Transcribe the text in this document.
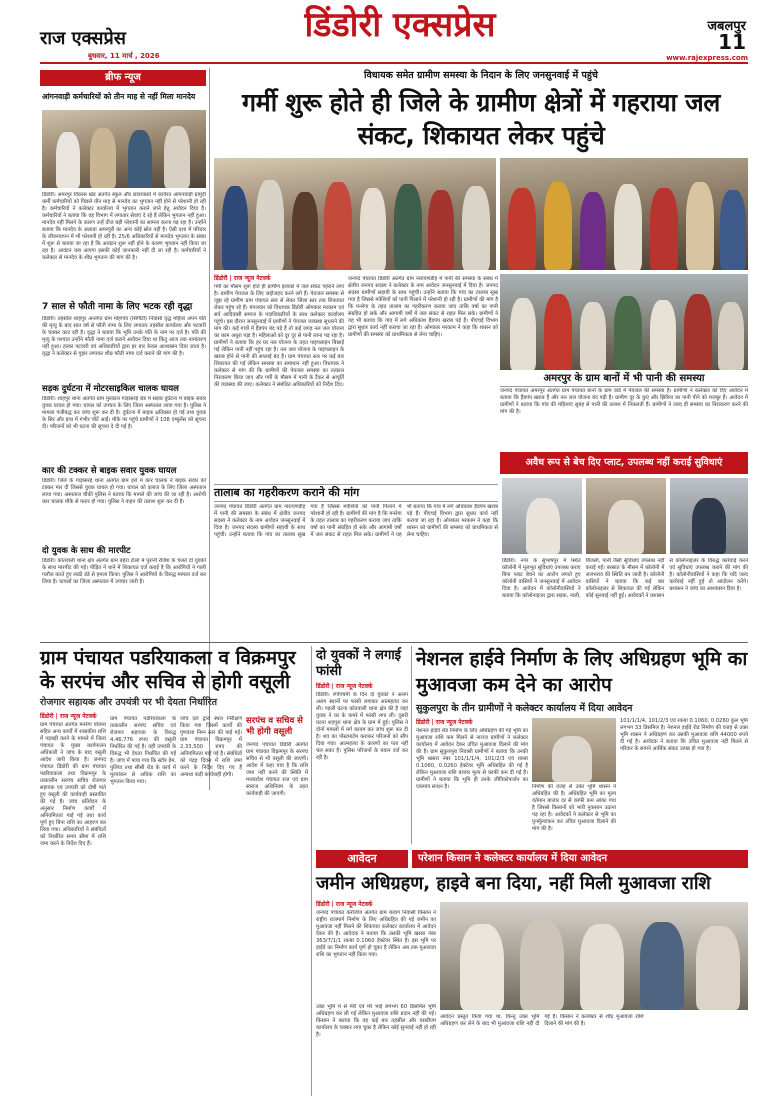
राज एक्सप्रेस
बुधवार, 11 मार्च , 2026
डिंडोरी एक्सप्रेस	जबलपुर
11
www.rajexpress.com
ब्रीफ न्यूज
आंगनवाड़ी कर्मचारियों को तीन माह से नहीं मिला मानदेय
डिंडोरी। अमरपुर विकास खंड अंतर्गत स्कूल और छात्रावासों में कार्यरत आंगनवाड़ी ग्रामुर्दी कर्मी कर्मचारियों को पिछले तीन माह से मानदेय का भुगतान नहीं होने से परेशानी हो रही है। कर्मचारियों ने कलेक्टर कार्यालय में भुगतान कराने जाने हेतु आवेदन दिया है। कर्मचारियों ने बताया कि वह विभाग में लगातार सेवाएं दे रहे हैं लेकिन भुगतान नहीं हुआ। मानदेय नहीं मिलने के कारण उन्हें तीज बड़ी परेशानी का सामना करना पड़ रहा है। उन्होंने बताया कि मानदेय के अलावा अमरपुरी का अन्य कोई स्रोत नहीं है। ऐसी दशा में परिवार के जीवनयापन में भी परेशानी हो रही है। 25/6 अधिकारियों से मानदेय भुगतान के संबंध में शुरू से बताया जा रहा है कि आवंटन शुरू नहीं होने के कारण भुगतान नहीं किया जा रहा है। आवंटन कब आएगा इसकी कोई जानकारी नहीं दी जा रही है। कर्मचारियों ने कलेक्टर से मानदेय के शीघ्र भुगतान की मांग की है।
7 साल से फौती नामा के लिए भटक रही वृद्धा
डिंडोरी। तहसील शाहपुर अन्तर्गत ग्राम मोहगांव (सिंगौटी) निवासी वृद्ध महिला अपने पति की मृत्यु के बाद सात वर्ष से फौती नामा के लिए लगातार तहसील कार्यालय और पटवारी के चक्कर काट रही है। वृद्धा ने बताया कि भूमि उनके पति के नाम पर दर्ज है। पति की मृत्यु के पश्चात उन्होंने फौती नामा दर्ज कराने आवेदन दिया था किंतु आज तक नामांतरण नहीं हुआ। हल्का पटवारी एवं अधिकारियों द्वारा हर बार केवल आश्वासन दिया जाता है। वृद्धा ने कलेक्टर से गुहार लगाकर शीघ्र फौती नामा दर्ज कराने की मांग की है।
सड़क दुर्घटना में मोटरसाइकिल चालक घायल
डिंडोरी। शाहपुर थाना अंतर्गत ग्राम मुरकाल गाड़ासरई रोड में सड़क दुर्घटना में बाइक सवार युवक घायल हो गया। घायल को उपचार के लिए जिला अस्पताल लाया गया है। पुलिस ने मामला पंजीबद्ध कर जांच शुरू कर दी है। दुर्घटना में बाइक क्षतिग्रस्त हो गई तथा युवक के सिर और हाथ में गंभीर चोटें आईं। मौके पर पहुंचे ग्रामीणों ने 108 एम्बुलेंस को सूचना दी। परिजनों को भी घटना की सूचना दे दी गई है।
कार की टक्कर से बाइक सवार युवक घायल
डिंडोरी। जिले के गाड़ासरई थाना अंतर्गत ग्राम हर्रा में कार चालक ने बाइक सवार को टक्कर मार दी जिससे युवक घायल हो गया। घायल को इलाज के लिए जिला अस्पताल लाया गया। अस्पताल चौकी पुलिस ने बताया कि मामले की जांच की जा रही है। आरोपी कार चालक मौके से फरार हो गया। पुलिस ने वाहन की तलाश शुरू कर दी है।
दो युवक के साथ की मारपीट
डिंडोरी। कोतवाली थाना क्षेत्र अंतर्गत ग्राम बहेरा टोला में पुरानी रंजिश के चलते दो युवकों के साथ मारपीट की गई। पीड़ित ने थाने में शिकायत दर्ज कराई है कि आरोपियों ने गाली गलौज करते हुए लाठी डंडे से हमला किया। पुलिस ने आरोपियों के विरुद्ध मामला दर्ज कर लिया है। घायलों का जिला अस्पताल में उपचार जारी है।
विधायक समेत ग्रामीण समस्या के निदान के लिए जनसुनवाई में पहुंचे
गर्मी शुरू होते ही जिले के ग्रामीण क्षेत्रों में गहराया जल संकट, शिकायत लेकर पहुंचे
डिंडोरी | राज न्यूज नेटवर्क
गर्मी का मौसम शुरू होते ही ग्रामीण इलाकों में जल संकट गहराने लगा है। ग्रामीण पेयजल के लिए जद्दोजहद करने लगे हैं। पेयजल समस्या से जूझ रहे ग्रामीण ग्राम पंचायत स्तर से लेकर जिला स्तर तक शिकायत लेकर पहुंच रहे हैं। मंगलवार को विधायक डिंडोरी ओमकार मरकाम एवं सर्व आदिवासी समाज के पदाधिकारियों के साथ कलेक्टर कार्यालय पहुंचे। इस दौरान जनसुनवाई में ग्रामीणों ने पेयजल व्यवस्था सुधारने की मांग की। कई गांवों में हैंडपंप बंद पड़े हैं तो कई जगह नल जल योजना का काम अधूरा पड़ा है। महिलाओं को दूर दूर से पानी लाना पड़ रहा है। ग्रामीणों ने बताया कि हर घर नल योजना के तहत पाइपलाइन बिछाई गई लेकिन पानी नहीं पहुंच रहा है। नल जल योजना के पाइपलाइन के खराब होने से पानी की सप्लाई बंद है। ग्राम पंचायत स्तर पर कई बार शिकायत की गई लेकिन समस्या का समाधान नहीं हुआ। विधायक ने कलेक्टर से मांग की कि ग्रामीणों की पेयजल समस्या का तत्काल निराकरण किया जाए और गर्मी के मौसम में पानी के टैंकर से आपूर्ति की व्यवस्था की जाए। कलेक्टर ने संबंधित अधिकारियों को निर्देश दिए।
जनपद पंचायत डिंडोरी अंतर्गत ग्राम नारायणडीह में पानी की समस्या के संबंध में क्षेत्रीय जनपद सदस्य ने कलेक्टर के नाम आवेदन जनसुनवाई में दिया है। जनपद सदस्य ग्रामीणों सहायी के साथ पहुंचीं। उन्होंने बताया कि गांव का तालाब सूख गया है जिससे मवेशियों को पानी पिलाने में परेशानी हो रही है। ग्रामीणों की मांग है कि मनरेगा के तहत तालाब का गहरीकरण कराया जाए ताकि वर्षा का पानी संग्रहित हो सके और आगामी वर्षों में जल संकट से राहत मिल सके। ग्रामीणों ने यह भी बताया कि गांव में लगे अधिकांश हैंडपंप खराब पड़े हैं। पीएचई विभाग द्वारा सुधार कार्य नहीं कराया जा रहा है। ओमकार मरकाम ने कहा कि शासन को ग्रामीणों की समस्या को प्राथमिकता से लेना चाहिए।
अमरपुर के ग्राम बानों में भी पानी की समस्या
जनपद पंचायत अमरपुर अंतर्गत ग्राम पंचायत बानो के ग्राम वार्ड में पेयजल की समस्या है। ग्रामीणों ने कलेक्टर को दिए आवेदन में बताया कि हैंडपंप खराब हैं और नल जल योजना बंद पड़ी है। ग्रामीण दूर के कुएं और झिरिया का पानी पीने को मजबूर हैं। आवेदन में ग्रामीणों ने बताया कि गांव की महिलाएं सुबह से पानी की तलाश में निकलती हैं। ग्रामीणों ने जल्द ही समस्या का निराकरण करने की मांग की है।
तालाब का गहरीकरण कराने की मांग
जनपद पंचायत डिंडोरी अंतर्गत ग्राम नारायणडीह में पानी की समस्या के संबंध में क्षेत्रीय जनपद सदस्य ने कलेक्टर के नाम आवेदन जनसुनवाई में दिया है। जनपद सदस्य ग्रामीणों सहायी के साथ पहुंचीं। उन्होंने बताया कि गांव का तालाब सूख गया है जिससे मवेशियों को पानी पिलाने में परेशानी हो रही है। ग्रामीणों की मांग है कि मनरेगा के तहत तालाब का गहरीकरण कराया जाए ताकि वर्षा का पानी संग्रहित हो सके और आगामी वर्षों में जल संकट से राहत मिल सके। ग्रामीणों ने यह भी बताया कि गांव में लगे अधिकांश हैंडपंप खराब पड़े हैं। पीएचई विभाग द्वारा सुधार कार्य नहीं कराया जा रहा है। ओमकार मरकाम ने कहा कि शासन को ग्रामीणों की समस्या को प्राथमिकता से लेना चाहिए।
अवैध रूप से बेच दिए प्लाट, उपलब्ध नहीं कराई सुविधाएं
डिंडोरी। नगर के सुभाषपुर में स्थित कॉलोनी में मूलभूत सुविधाएं उपलब्ध कराए बिना प्लाट बेचने का आरोप लगाते हुए कॉलोनी वासियों ने जनसुनवाई में आवेदन दिया है। आवेदन में कॉलोनीवासियों ने बताया कि कॉलोनाइजर द्वारा सड़क, नाली, बिजली, पानी जैसी सुविधाएं उपलब्ध नहीं कराई गईं। बरसात के मौसम में कॉलोनी में जलभराव की स्थिति बन जाती है। कॉलोनी वासियों ने बताया कि कई बार कॉलोनाइजर से शिकायत की गई लेकिन कोई सुनवाई नहीं हुई। आवेदकों ने प्रशासन से कॉलोनाइजर के विरुद्ध कार्रवाई करने एवं सुविधाएं उपलब्ध कराने की मांग की है। कॉलोनीवासियों ने कहा कि यदि जल्द कार्रवाई नहीं हुई तो आंदोलन करेंगे। प्रशासन ने जांच का आश्वासन दिया है।
ग्राम पंचायत पडरियाकला व विक्रमपुर के सरपंच और सचिव से होगी वसूली
रोजगार सहायक और उपयंत्री पर भी देयता निर्धारित
डिंडोरी | राज न्यूज नेटवर्क
ग्राम पंचायत अंतर्गत मनरेगा योजना सहित अन्य कार्यों में शासकीय राशि में गड़बड़ी करने के मामले में जिला पंचायत के मुख्य कार्यपालन अधिकारी ने जांच के बाद वसूली आदेश जारी किया है। जनपद पंचायत डिंडोरी की ग्राम पंचायत पडरियाकला तथा विक्रमपुर के तत्कालीन सरपंच सचिव रोजगार सहायक एवं उपयंत्री को दोषी पाते हुए वसूली की कार्यवाही प्रस्तावित की गई है। जांच प्रतिवेदन के अनुसार निर्माण कार्यों में अनियमितता पाई गई तथा कार्य पूर्ण हुए बिना राशि का आहरण कर लिया गया। अधिकारियों ने संबंधितों को निर्धारित समय सीमा में राशि जमा करने के निर्देश दिए हैं।
ग्राम पंचायत पडरियाकला के तत्कालीन सरपंच सचिव एवं रोजगार सहायक के विरुद्ध 4,46,776 रुपए की वसूली निर्धारित की गई है। वहीं उपयंत्री के विरुद्ध भी देयता निर्धारित की गई है। जांच में पाया गया कि स्टॉप डेम, पुलिया तथा सीसी रोड के कार्य में मूल्यांकन से अधिक राशि का भुगतान किया गया।
जांच दल द्वारा स्थल निरीक्षण किया गया जिसमें कार्यों की गुणवत्ता निम्न स्तर की पाई गई। ग्राम पंचायत विक्रमपुर में 2,33,500 रुपए की अनियमितता पाई गई है। संबंधितों को पंद्रह दिवस में राशि जमा करने के निर्देश दिए गए हैं अन्यथा कड़ी कार्यवाही होगी।
सरपंच व सचिव से भी होगी वसूली
जनपद पंचायत डिंडोरी अंतर्गत ग्राम पंचायत विक्रमपुर के सरपंच सचिव से भी वसूली की जाएगी। आदेश में कहा गया है कि राशि जमा नहीं करने की स्थिति में मध्यप्रदेश पंचायत राज एवं ग्राम स्वराज अधिनियम के तहत कार्यवाही की जाएगी।
दो युवकों ने लगाई फांसी
डिंडोरी | राज न्यूज नेटवर्क
डिंडोरी। रंगोपंचमी के दिन दो युवकों ने अलग अलग स्थानों पर फांसी लगाकर आत्महत्या कर ली। पहली घटना कोतवाली थाना क्षेत्र की है जहां युवक ने घर के कमरे में फांसी लगा ली। दूसरी घटना शहपुरा थाना क्षेत्र के ग्राम में हुई। पुलिस ने दोनों मामलों में मर्ग कायम कर जांच शुरू कर दी है। शव का पोस्टमार्टम कराकर परिजनों को सौंप दिया गया। आत्महत्या के कारणों का पता नहीं चल सका है। पुलिस परिजनों के बयान दर्ज कर रही है।
नेशनल हाईवे निर्माण के लिए अधिग्रहण भूमि का मुआवजा कम देने का आरोप
सुकुलपुरा के तीन ग्रामीणों ने कलेक्टर कार्यालय में दिया आवेदन
डिंडोरी | राज न्यूज नेटवर्क
नेशनल हाईवे रोड निर्माण के लिए अधिग्रहण की गई भूमि का मुआवजा राशि कम मिलने से नाराज ग्रामीणों ने कलेक्टर कार्यालय में आवेदन देकर उचित मुआवजा दिलाने की मांग की है। ग्राम सुकुलपुरा निवासी ग्रामीणों ने बताया कि उनकी भूमि खसरा नंबर 101/1/1/4, 101/2/3 एवं रकबा 0.1060, 0.0260 हेक्टेयर भूमि अधिग्रहित की गई है लेकिन मुआवजा राशि बाजार मूल्य से काफी कम दी गई है। ग्रामीणों ने बताया कि भूमि ही उनके जीविकोपार्जन का एकमात्र साधन है।	निर्माण की वजह से उक्त भूमि शासन ने अधिग्रहित की है। अधिग्रहित भूमि का मूल्य वर्तमान बाजार दर से काफी कम आंका गया है जिससे किसानों को भारी नुकसान उठाना पड़ रहा है। आवेदकों ने कलेक्टर से भूमि का पुनर्मूल्यांकन कर उचित मुआवजा दिलाने की मांग की है।
101/1/1/4, 101/2/3 एवं रकबा 0.1060, 0.0260 कुल भूमि लगभग 33 डिसमिल है। नेशनल हाईवे रोड निर्माण की वजह से उक्त भूमि शासन ने अधिग्रहण कर उसकी मुआवजा राशि 44000 रुपये दी गई है। आवेदक ने बताया कि उचित मुआवजा नहीं मिलने से परिवार के सामने आर्थिक संकट उत्पन्न हो गया है।
आवेदन	परेशान किसान ने कलेक्टर कार्यालय में दिया आवेदन
जमीन अधिग्रहण, हाइवे बना दिया, नहीं मिली मुआवजा राशि
डिंडोरी | राज न्यूज नेटवर्क
जनपद पंचायत करंजिया अंतर्गत ग्राम बजाग निवासी किसान ने राष्ट्रीय राजमार्ग निर्माण के लिए अधिग्रहित की गई जमीन का मुआवजा नहीं मिलने की शिकायत कलेक्टर कार्यालय में आवेदन देकर की है। आवेदक ने बताया कि उसकी भूमि खसरा नंबर 363/7/1/1 रकबा 0.1060 हेक्टेयर स्थित है। इस भूमि पर हाईवे का निर्माण कार्य पूर्ण हो चुका है लेकिन अब तक मुआवजा राशि का भुगतान नहीं किया गया।
उक्त भूमि में से मेरी एवं मेरे भाई लगभग 60 डिसमिल भूमि अधिग्रहण कर ली गई लेकिन मुआवजा राशि प्रदान नहीं की गई। किसान ने बताया कि वह कई बार तहसील और एसडीएम कार्यालय के चक्कर लगा चुका है लेकिन कोई सुनवाई नहीं हो रही है।
आवेदन प्रस्तुत किया गया था, किन्तु उक्त भूमि अधिग्रहण कर लेने के बाद भी मुआवजा राशि नहीं दी गई है। किसान ने कलेक्टर से शीघ्र मुआवजा राशि दिलाने की मांग की है।
